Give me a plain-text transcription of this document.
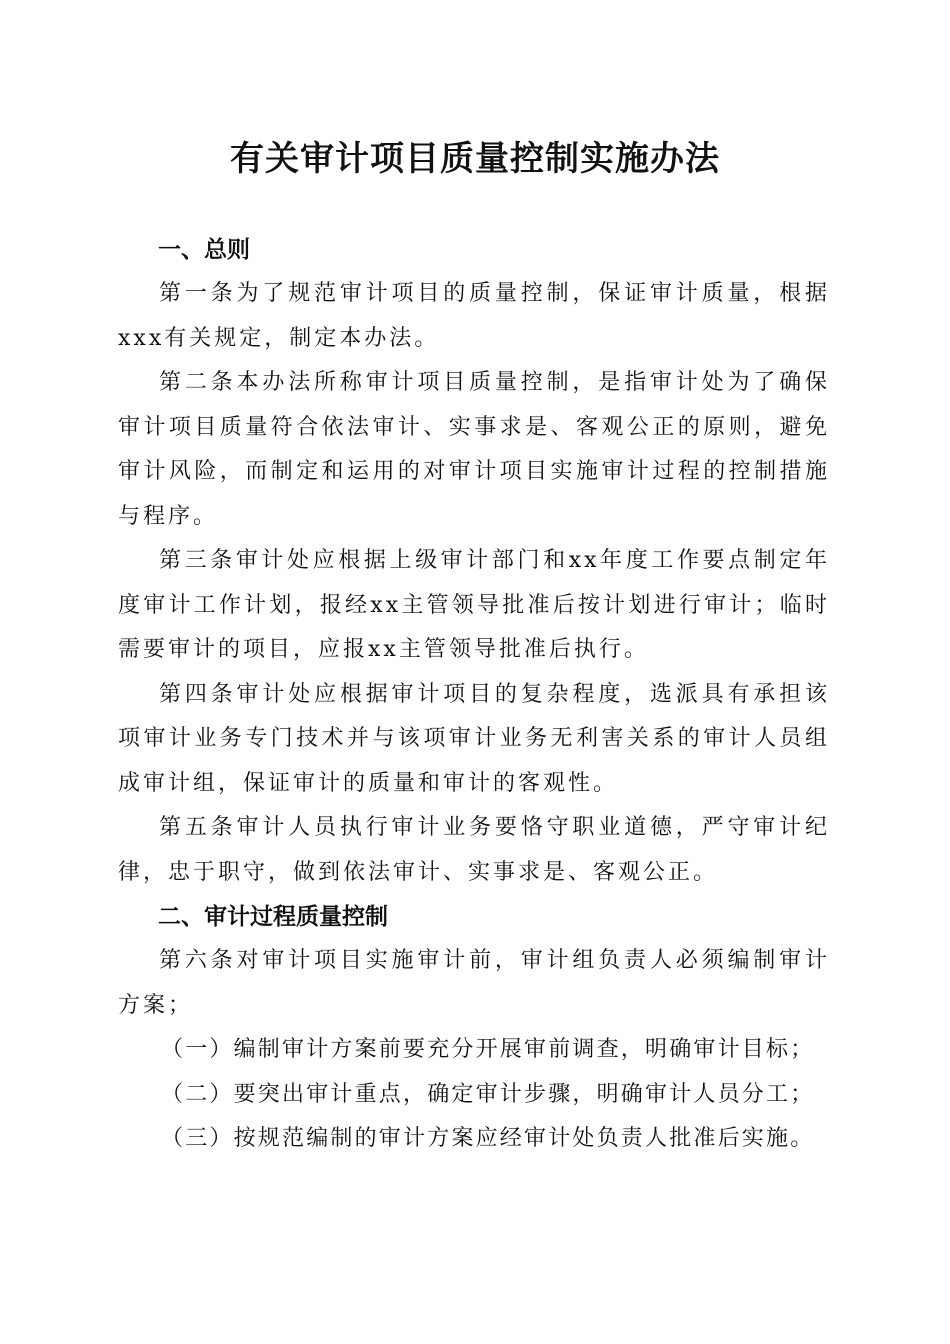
有关审计项目质量控制实施办法

一、总则

第一条为了规范审计项目的质量控制，保证审计质量，根据xxx有关规定，制定本办法。

第二条本办法所称审计项目质量控制，是指审计处为了确保审计项目质量符合依法审计、实事求是、客观公正的原则，避免审计风险，而制定和运用的对审计项目实施审计过程的控制措施与程序。

第三条审计处应根据上级审计部门和xx年度工作要点制定年度审计工作计划，报经xx主管领导批准后按计划进行审计；临时需要审计的项目，应报xx主管领导批准后执行。

第四条审计处应根据审计项目的复杂程度，选派具有承担该项审计业务专门技术并与该项审计业务无利害关系的审计人员组成审计组，保证审计的质量和审计的客观性。

第五条审计人员执行审计业务要恪守职业道德，严守审计纪律，忠于职守，做到依法审计、实事求是、客观公正。

二、审计过程质量控制

第六条对审计项目实施审计前，审计组负责人必须编制审计方案；

（一）编制审计方案前要充分开展审前调查，明确审计目标；

（二）要突出审计重点，确定审计步骤，明确审计人员分工；

（三）按规范编制的审计方案应经审计处负责人批准后实施。
